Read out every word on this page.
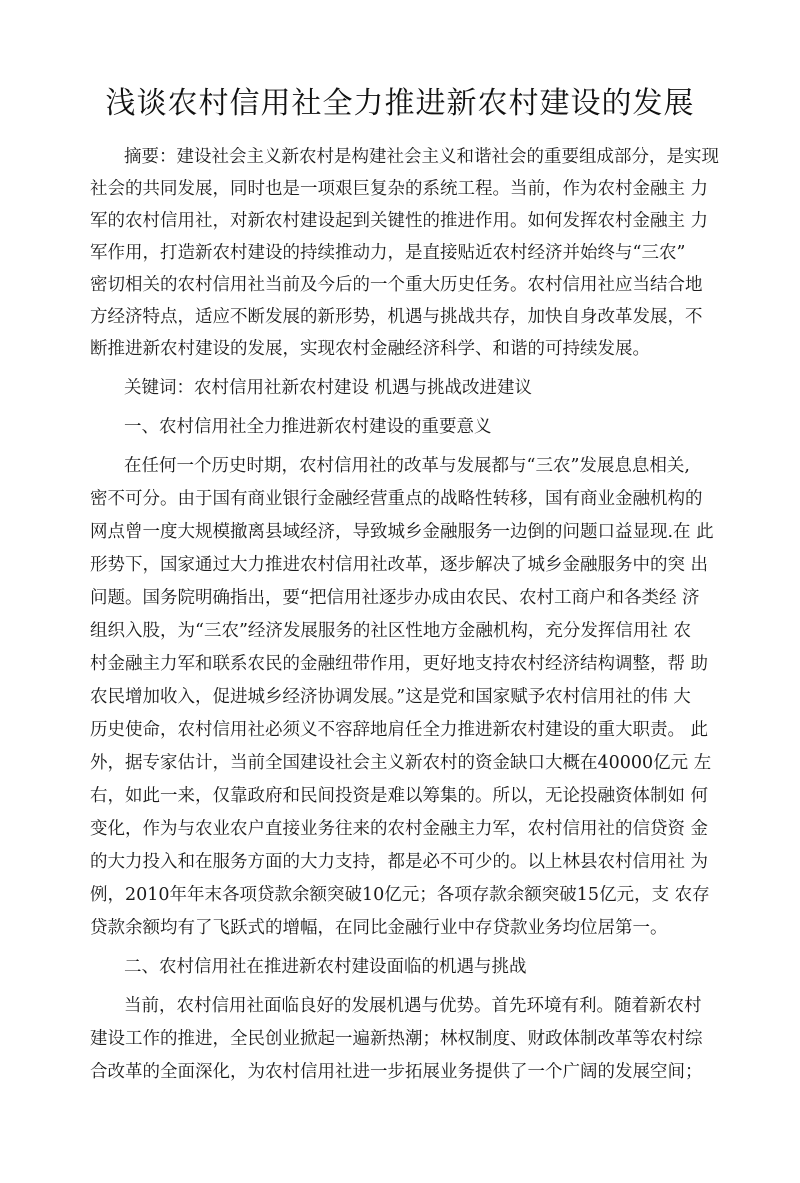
浅谈农村信用社全力推进新农村建设的发展

摘要：建设社会主义新农村是构建社会主义和谐社会的重要组成部分，是实现

社会的共同发展，同时也是一项艰巨复杂的系统工程。当前，作为农村金融主 力

军的农村信用社，对新农村建设起到关键性的推进作用。如何发挥农村金融主 力

军作用，打造新农村建设的持续推动力，是直接贴近农村经济并始终与“三农”

密切相关的农村信用社当前及今后的一个重大历史任务。农村信用社应当结合地

方经济特点，适应不断发展的新形势，机遇与挑战共存，加快自身改革发展，不

断推进新农村建设的发展，实现农村金融经济科学、和谐的可持续发展。

关键词：农村信用社新农村建设 机遇与挑战改进建议

一、农村信用社全力推进新农村建设的重要意义

在任何一个历史时期，农村信用社的改革与发展都与“三农”发展息息相关,

密不可分。由于国有商业银行金融经营重点的战略性转移，国有商业金融机构的

网点曾一度大规模撤离县域经济，导致城乡金融服务一边倒的问题口益显现.在 此

形势下，国家通过大力推进农村信用社改革，逐步解决了城乡金融服务中的突 出

问题。国务院明确指出，要“把信用社逐步办成由农民、农村工商户和各类经 济

组织入股，为“三农”经济发展服务的社区性地方金融机构，充分发挥信用社 农

村金融主力军和联系农民的金融纽带作用，更好地支持农村经济结构调整，帮 助

农民增加收入，促进城乡经济协调发展。”这是党和国家赋予农村信用社的伟 大

历史使命，农村信用社必须义不容辞地肩任全力推进新农村建设的重大职责。 此

外，据专家估计，当前全国建设社会主义新农村的资金缺口大概在40000亿元 左

右，如此一来，仅靠政府和民间投资是难以筹集的。所以，无论投融资体制如 何

变化，作为与农业农户直接业务往来的农村金融主力军，农村信用社的信贷资 金

的大力投入和在服务方面的大力支持，都是必不可少的。以上林县农村信用社 为

例，2010年年末各项贷款余额突破10亿元；各项存款余额突破15亿元，支 农存

贷款余额均有了飞跃式的增幅，在同比金融行业中存贷款业务均位居第一。

二、农村信用社在推进新农村建设面临的机遇与挑战

当前，农村信用社面临良好的发展机遇与优势。首先环境有利。随着新农村

建设工作的推进，全民创业掀起一遍新热潮；林权制度、财政体制改革等农村综

合改革的全面深化，为农村信用社进一步拓展业务提供了一个广阔的发展空间；
